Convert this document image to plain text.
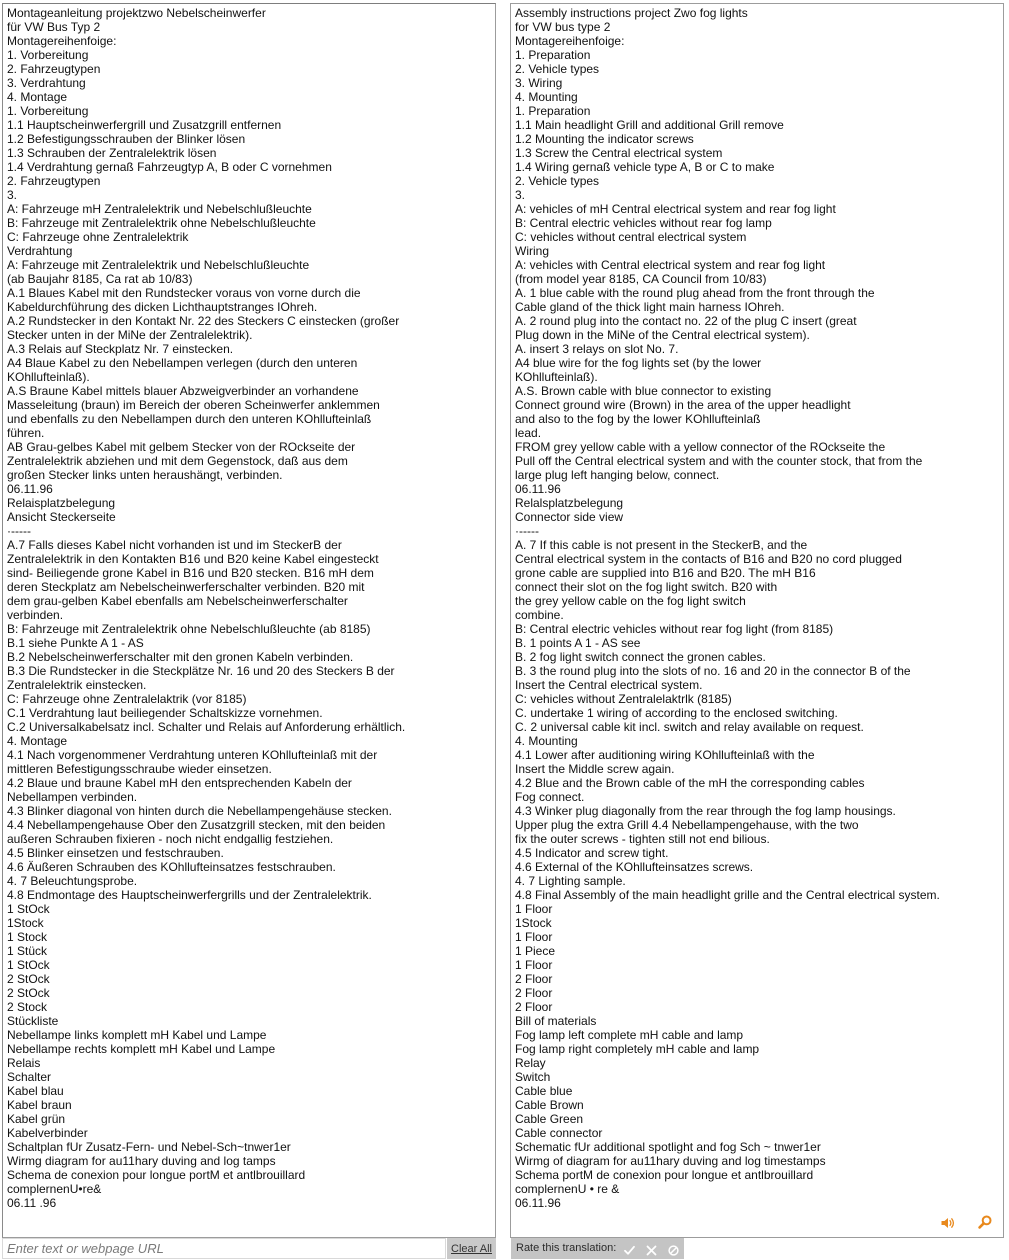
Montageanleitung projektzwo Nebelscheinwerfer
für VW Bus Typ 2
Montagereihenfoige:
1. Vorbereitung
2. Fahrzeugtypen
3. Verdrahtung
4. Montage
1. Vorbereitung
1.1 Hauptscheinwerfergrill und Zusatzgrill entfernen
1.2 Befestigungsschrauben der Blinker lösen
1.3 Schrauben der Zentralelektrik lösen
1.4 Verdrahtung gernaß Fahrzeugtyp A, B oder C vornehmen
2. Fahrzeugtypen
3.
A: Fahrzeuge mH Zentralelektrik und Nebelschlußleuchte
B: Fahrzeuge mit Zentralelektrik ohne Nebelschlußleuchte
C: Fahrzeuge ohne Zentralelektrik
Verdrahtung
A: Fahrzeuge mit Zentralelektrik und Nebelschlußleuchte
(ab Baujahr 8185, Ca rat ab 10/83)
A.1 Blaues Kabel mit den Rundstecker voraus von vorne durch die
Kabeldurchführung des dicken Lichthauptstranges IOhreh.
A.2 Rundstecker in den Kontakt Nr. 22 des Steckers C einstecken (großer
Stecker unten in der MiNe der Zentralelektrik).
A.3 Relais auf Steckplatz Nr. 7 einstecken.
A4 Blaue Kabel zu den Nebellampen verlegen (durch den unteren
KOhllufteinlaß).
A.S Braune Kabel mittels blauer Abzweigverbinder an vorhandene
Masseleitung (braun) im Bereich der oberen Scheinwerfer anklemmen
und ebenfalls zu den Nebellampen durch den unteren KOhllufteinlaß
führen.
AB Grau-gelbes Kabel mit gelbem Stecker von der ROckseite der
Zentralelektrik abziehen und mit dem Gegenstock, daß aus dem
großen Stecker links unten heraushängt, verbinden.
06.11.96
Relaisplatzbelegung
Ansicht Steckerseite
·-----
A.7 Falls dieses Kabel nicht vorhanden ist und im SteckerB der
Zentralelektrik in den Kontakten B16 und B20 keine Kabel eingesteckt
sind- Beiliegende grone Kabel in B16 und B20 stecken. B16 mH dem
deren Steckplatz am Nebelscheinwerferschalter verbinden. B20 mit
dem grau-gelben Kabel ebenfalls am Nebelscheinwerferschalter
verbinden.
B: Fahrzeuge mit Zentralelektrik ohne Nebelschlußleuchte (ab 8185)
B.1 siehe Punkte A 1 - AS
B.2 Nebelscheinwerferschalter mit den gronen Kabeln verbinden.
B.3 Die Rundstecker in die Steckplätze Nr. 16 und 20 des Steckers B der
Zentralelektrik einstecken.
C: Fahrzeuge ohne Zentralelaktrik (vor 8185)
C.1 Verdrahtung laut beiliegender Schaltskizze vornehmen.
C.2 Universalkabelsatz incl. Schalter und Relais auf Anforderung erhältlich.
4. Montage
4.1 Nach vorgenommener Verdrahtung unteren KOhllufteinlaß mit der
mittleren Befestigungsschraube wieder einsetzen.
4.2 Blaue und braune Kabel mH den entsprechenden Kabeln der
Nebellampen verbinden.
4.3 Blinker diagonal von hinten durch die Nebellampengehäuse stecken.
4.4 Nebellampengehause Ober den Zusatzgrill stecken, mit den beiden
außeren Schrauben fixieren - noch nicht endgallig festziehen.
4.5 Blinker einsetzen und festschrauben.
4.6 Äußeren Schrauben des KOhllufteinsatzes festschrauben.
4. 7 Beleuchtungsprobe.
4.8 Endmontage des Hauptscheinwerfergrills und der Zentralelektrik.
1 StOck
1Stock
1 Stock
1 Stück
1 StOck
2 StOck
2 StOck
2 Stock
Stückliste
Nebellampe links komplett mH Kabel und Lampe
Nebellampe rechts komplett mH Kabel und Lampe
Relais
Schalter
Kabel blau
Kabel braun
Kabel grün
Kabelverbinder
Schaltplan fUr Zusatz-Fern- und Nebel-Sch~tnwer1er
Wirmg diagram for au11hary duving and log tamps
Schema de conexion pour longue portM et antlbrouillard
complernenU•re&
06.11 .96
Assembly instructions project Zwo fog lights
for VW bus type 2
Montagereihenfoige:
1. Preparation
2. Vehicle types
3. Wiring
4. Mounting
1. Preparation
1.1 Main headlight Grill and additional Grill remove
1.2 Mounting the indicator screws
1.3 Screw the Central electrical system
1.4 Wiring gernaß vehicle type A, B or C to make
2. Vehicle types
3.
A: vehicles of mH Central electrical system and rear fog light
B: Central electric vehicles without rear fog lamp
C: vehicles without central electrical system
Wiring
A: vehicles with Central electrical system and rear fog light
(from model year 8185, CA Council from 10/83)
A. 1 blue cable with the round plug ahead from the front through the
Cable gland of the thick light main harness IOhreh.
A. 2 round plug into the contact no. 22 of the plug C insert (great
Plug down in the MiNe of the Central electrical system).
A. insert 3 relays on slot No. 7.
A4 blue wire for the fog lights set (by the lower
KOhllufteinlaß).
A.S. Brown cable with blue connector to existing
Connect ground wire (Brown) in the area of the upper headlight
and also to the fog by the lower KOhllufteinlaß
lead.
FROM grey yellow cable with a yellow connector of the ROckseite the
Pull off the Central electrical system and with the counter stock, that from the
large plug left hanging below, connect.
06.11.96
Relalsplatzbelegung
Connector side view
·-----
A. 7 If this cable is not present in the SteckerB, and the
Central electrical system in the contacts of B16 and B20 no cord plugged
grone cable are supplied into B16 and B20. The mH B16
connect their slot on the fog light switch. B20 with
the grey yellow cable on the fog light switch
combine.
B: Central electric vehicles without rear fog light (from 8185)
B. 1 points A 1 - AS see
B. 2 fog light switch connect the gronen cables.
B. 3 the round plug into the slots of no. 16 and 20 in the connector B of the
Insert the Central electrical system.
C: vehicles without Zentralelaktrlk (8185)
C. undertake 1 wiring of according to the enclosed switching.
C. 2 universal cable kit incl. switch and relay available on request.
4. Mounting
4.1 Lower after auditioning wiring KOhllufteinlaß with the
Insert the Middle screw again.
4.2 Blue and the Brown cable of the mH the corresponding cables
Fog connect.
4.3 Winker plug diagonally from the rear through the fog lamp housings.
Upper plug the extra Grill 4.4 Nebellampengehause, with the two
fix the outer screws - tighten still not end bilious.
4.5 Indicator and screw tight.
4.6 External of the KOhllufteinsatzes screws.
4. 7 Lighting sample.
4.8 Final Assembly of the main headlight grille and the Central electrical system.
1 Floor
1Stock
1 Floor
1 Piece
1 Floor
2 Floor
2 Floor
2 Floor
Bill of materials
Fog lamp left complete mH cable and lamp
Fog lamp right completely mH cable and lamp
Relay
Switch
Cable blue
Cable Brown
Cable Green
Cable connector
Schematic fUr additional spotlight and fog Sch ~ tnwer1er
Wirmg of diagram for au11hary duving and log timestamps
Schema portM de conexion pour longue et antlbrouillard
complernenU • re &
06.11.96
Enter text or webpage URL
Clear All	Rate this translation:
